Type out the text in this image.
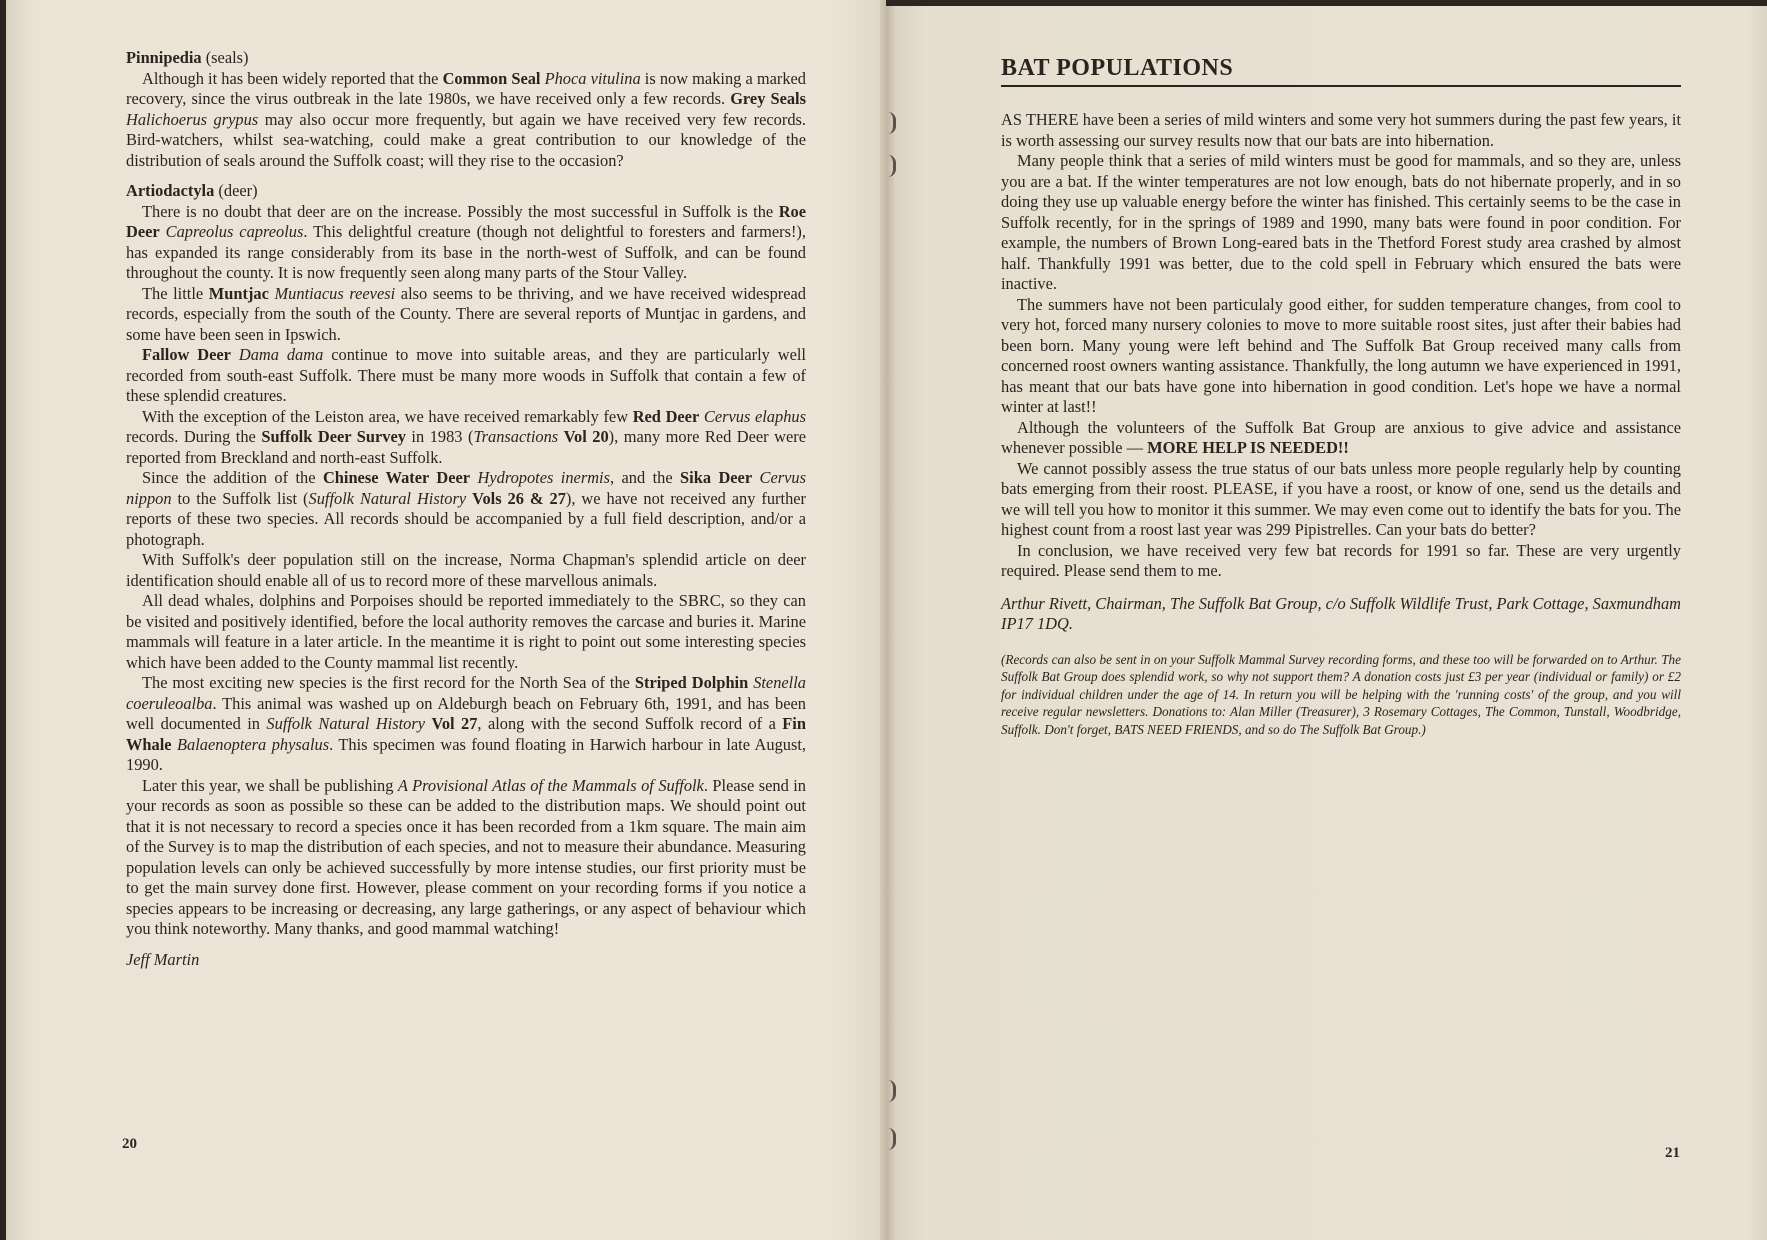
Pinnipedia (seals)

Although it has been widely reported that the Common Seal Phoca vitulina is now making a marked recovery, since the virus outbreak in the late 1980s, we have received only a few records. Grey Seals Halichoerus grypus may also occur more frequently, but again we have received very few records. Bird-watchers, whilst sea-watching, could make a great contribution to our knowledge of the distribution of seals around the Suffolk coast; will they rise to the occasion?

Artiodactyla (deer)

There is no doubt that deer are on the increase. Possibly the most successful in Suffolk is the Roe Deer Capreolus capreolus. This delightful creature (though not delightful to foresters and farmers!), has expanded its range considerably from its base in the north-west of Suffolk, and can be found throughout the county. It is now frequently seen along many parts of the Stour Valley.

The little Muntjac Muntiacus reevesi also seems to be thriving, and we have received widespread records, especially from the south of the County. There are several reports of Muntjac in gardens, and some have been seen in Ipswich.

Fallow Deer Dama dama continue to move into suitable areas, and they are particularly well recorded from south-east Suffolk. There must be many more woods in Suffolk that contain a few of these splendid creatures.

With the exception of the Leiston area, we have received remarkably few Red Deer Cervus elaphus records. During the Suffolk Deer Survey in 1983 (Transactions Vol 20), many more Red Deer were reported from Breckland and north-east Suffolk.

Since the addition of the Chinese Water Deer Hydropotes inermis, and the Sika Deer Cervus nippon to the Suffolk list (Suffolk Natural History Vols 26 & 27), we have not received any further reports of these two species. All records should be accompanied by a full field description, and/or a photograph.

With Suffolk's deer population still on the increase, Norma Chapman's splendid article on deer identification should enable all of us to record more of these marvellous animals.

All dead whales, dolphins and Porpoises should be reported immediately to the SBRC, so they can be visited and positively identified, before the local authority removes the carcase and buries it. Marine mammals will feature in a later article. In the meantime it is right to point out some interesting species which have been added to the County mammal list recently.

The most exciting new species is the first record for the North Sea of the Striped Dolphin Stenella coeruleoalba. This animal was washed up on Aldeburgh beach on February 6th, 1991, and has been well documented in Suffolk Natural History Vol 27, along with the second Suffolk record of a Fin Whale Balaenoptera physalus. This specimen was found floating in Harwich harbour in late August, 1990.

Later this year, we shall be publishing A Provisional Atlas of the Mammals of Suffolk. Please send in your records as soon as possible so these can be added to the distribution maps. We should point out that it is not necessary to record a species once it has been recorded from a 1km square. The main aim of the Survey is to map the distribution of each species, and not to measure their abundance. Measuring population levels can only be achieved successfully by more intense studies, our first priority must be to get the main survey done first. However, please comment on your recording forms if you notice a species appears to be increasing or decreasing, any large gatherings, or any aspect of behaviour which you think noteworthy. Many thanks, and good mammal watching!

Jeff Martin

20
BAT POPULATIONS

AS THERE have been a series of mild winters and some very hot summers during the past few years, it is worth assessing our survey results now that our bats are into hibernation.

Many people think that a series of mild winters must be good for mammals, and so they are, unless you are a bat. If the winter temperatures are not low enough, bats do not hibernate properly, and in so doing they use up valuable energy before the winter has finished. This certainly seems to be the case in Suffolk recently, for in the springs of 1989 and 1990, many bats were found in poor condition. For example, the numbers of Brown Long-eared bats in the Thetford Forest study area crashed by almost half. Thankfully 1991 was better, due to the cold spell in February which ensured the bats were inactive.

The summers have not been particulaly good either, for sudden temperature changes, from cool to very hot, forced many nursery colonies to move to more suitable roost sites, just after their babies had been born. Many young were left behind and The Suffolk Bat Group received many calls from concerned roost owners wanting assistance. Thankfully, the long autumn we have experienced in 1991, has meant that our bats have gone into hibernation in good condition. Let's hope we have a normal winter at last!!

Although the volunteers of the Suffolk Bat Group are anxious to give advice and assistance whenever possible — MORE HELP IS NEEDED!!

We cannot possibly assess the true status of our bats unless more people regularly help by counting bats emerging from their roost. PLEASE, if you have a roost, or know of one, send us the details and we will tell you how to monitor it this summer. We may even come out to identify the bats for you. The highest count from a roost last year was 299 Pipistrelles. Can your bats do better?

In conclusion, we have received very few bat records for 1991 so far. These are very urgently required. Please send them to me.

Arthur Rivett, Chairman, The Suffolk Bat Group, c/o Suffolk Wildlife Trust, Park Cottage, Saxmundham IP17 1DQ.

(Records can also be sent in on your Suffolk Mammal Survey recording forms, and these too will be forwarded on to Arthur. The Suffolk Bat Group does splendid work, so why not support them? A donation costs just £3 per year (individual or family) or £2 for individual children under the age of 14. In return you will be helping with the 'running costs' of the group, and you will receive regular newsletters. Donations to: Alan Miller (Treasurer), 3 Rosemary Cottages, The Common, Tunstall, Woodbridge, Suffolk. Don't forget, BATS NEED FRIENDS, and so do The Suffolk Bat Group.)

21
